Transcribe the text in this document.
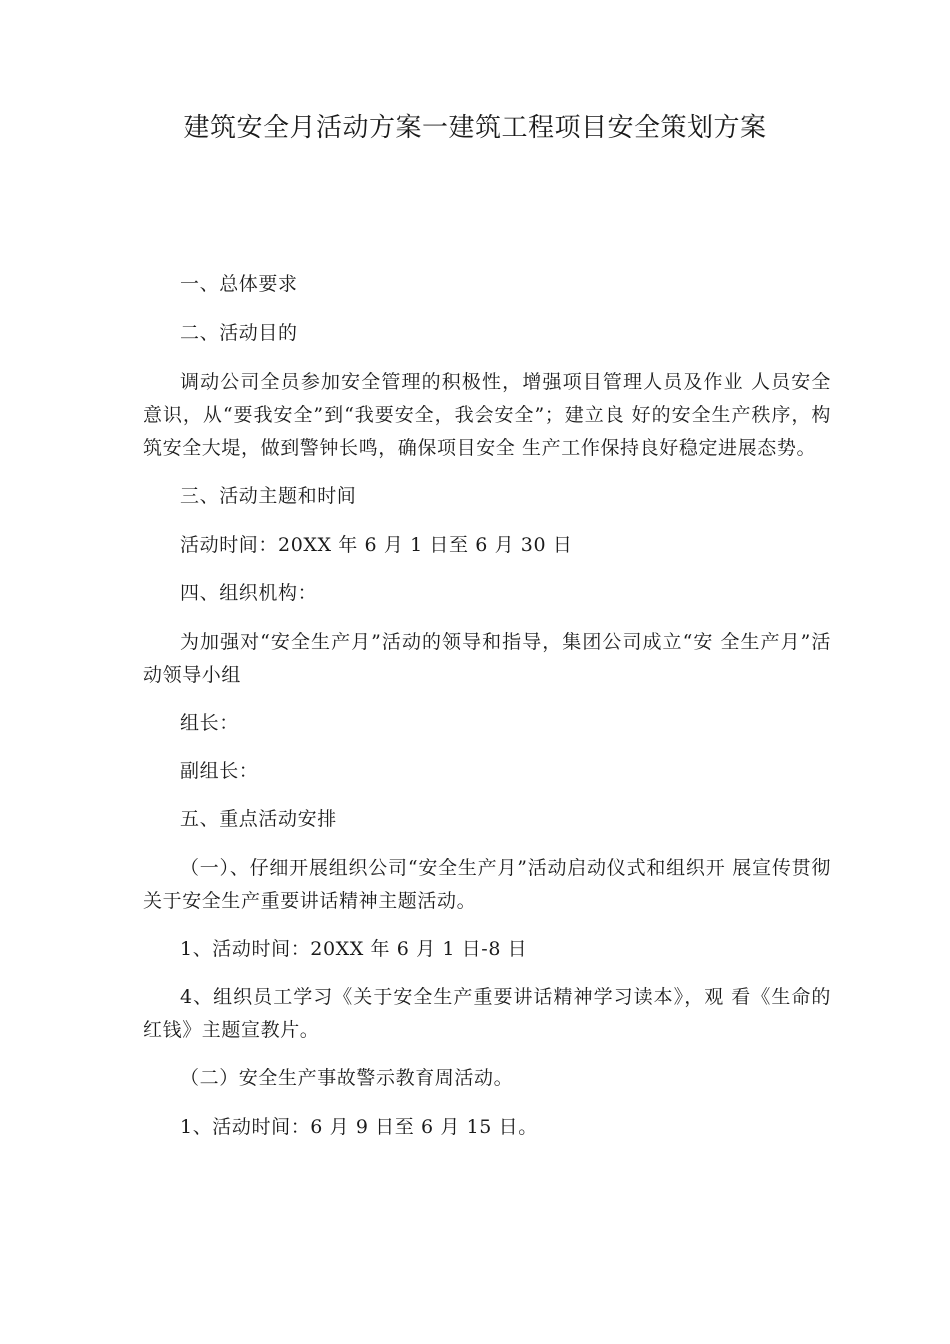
建筑安全月活动方案一建筑工程项目安全策划方案

一、总体要求

二、活动目的

调动公司全员参加安全管理的积极性，增强项目管理人员及作业 人员安全意识，从“要我安全”到“我要安全，我会安全”；建立良 好的安全生产秩序，构筑安全大堤，做到警钟长鸣，确保项目安全 生产工作保持良好稳定进展态势。

三、活动主题和时间

活动时间：20XX 年 6 月 1 日至 6 月 30 日

四、组织机构：

为加强对“安全生产月”活动的领导和指导，集团公司成立“安 全生产月”活动领导小组

组长：

副组长：

五、重点活动安排

（一）、仔细开展组织公司“安全生产月”活动启动仪式和组织开 展宣传贯彻关于安全生产重要讲话精神主题活动。

1、活动时间：20XX 年 6 月 1 日-8 日

4、组织员工学习《关于安全生产重要讲话精神学习读本》，观 看《生命的红钱》主题宣教片。

（二）安全生产事故警示教育周活动。

1、活动时间：6 月 9 日至 6 月 15 日。
